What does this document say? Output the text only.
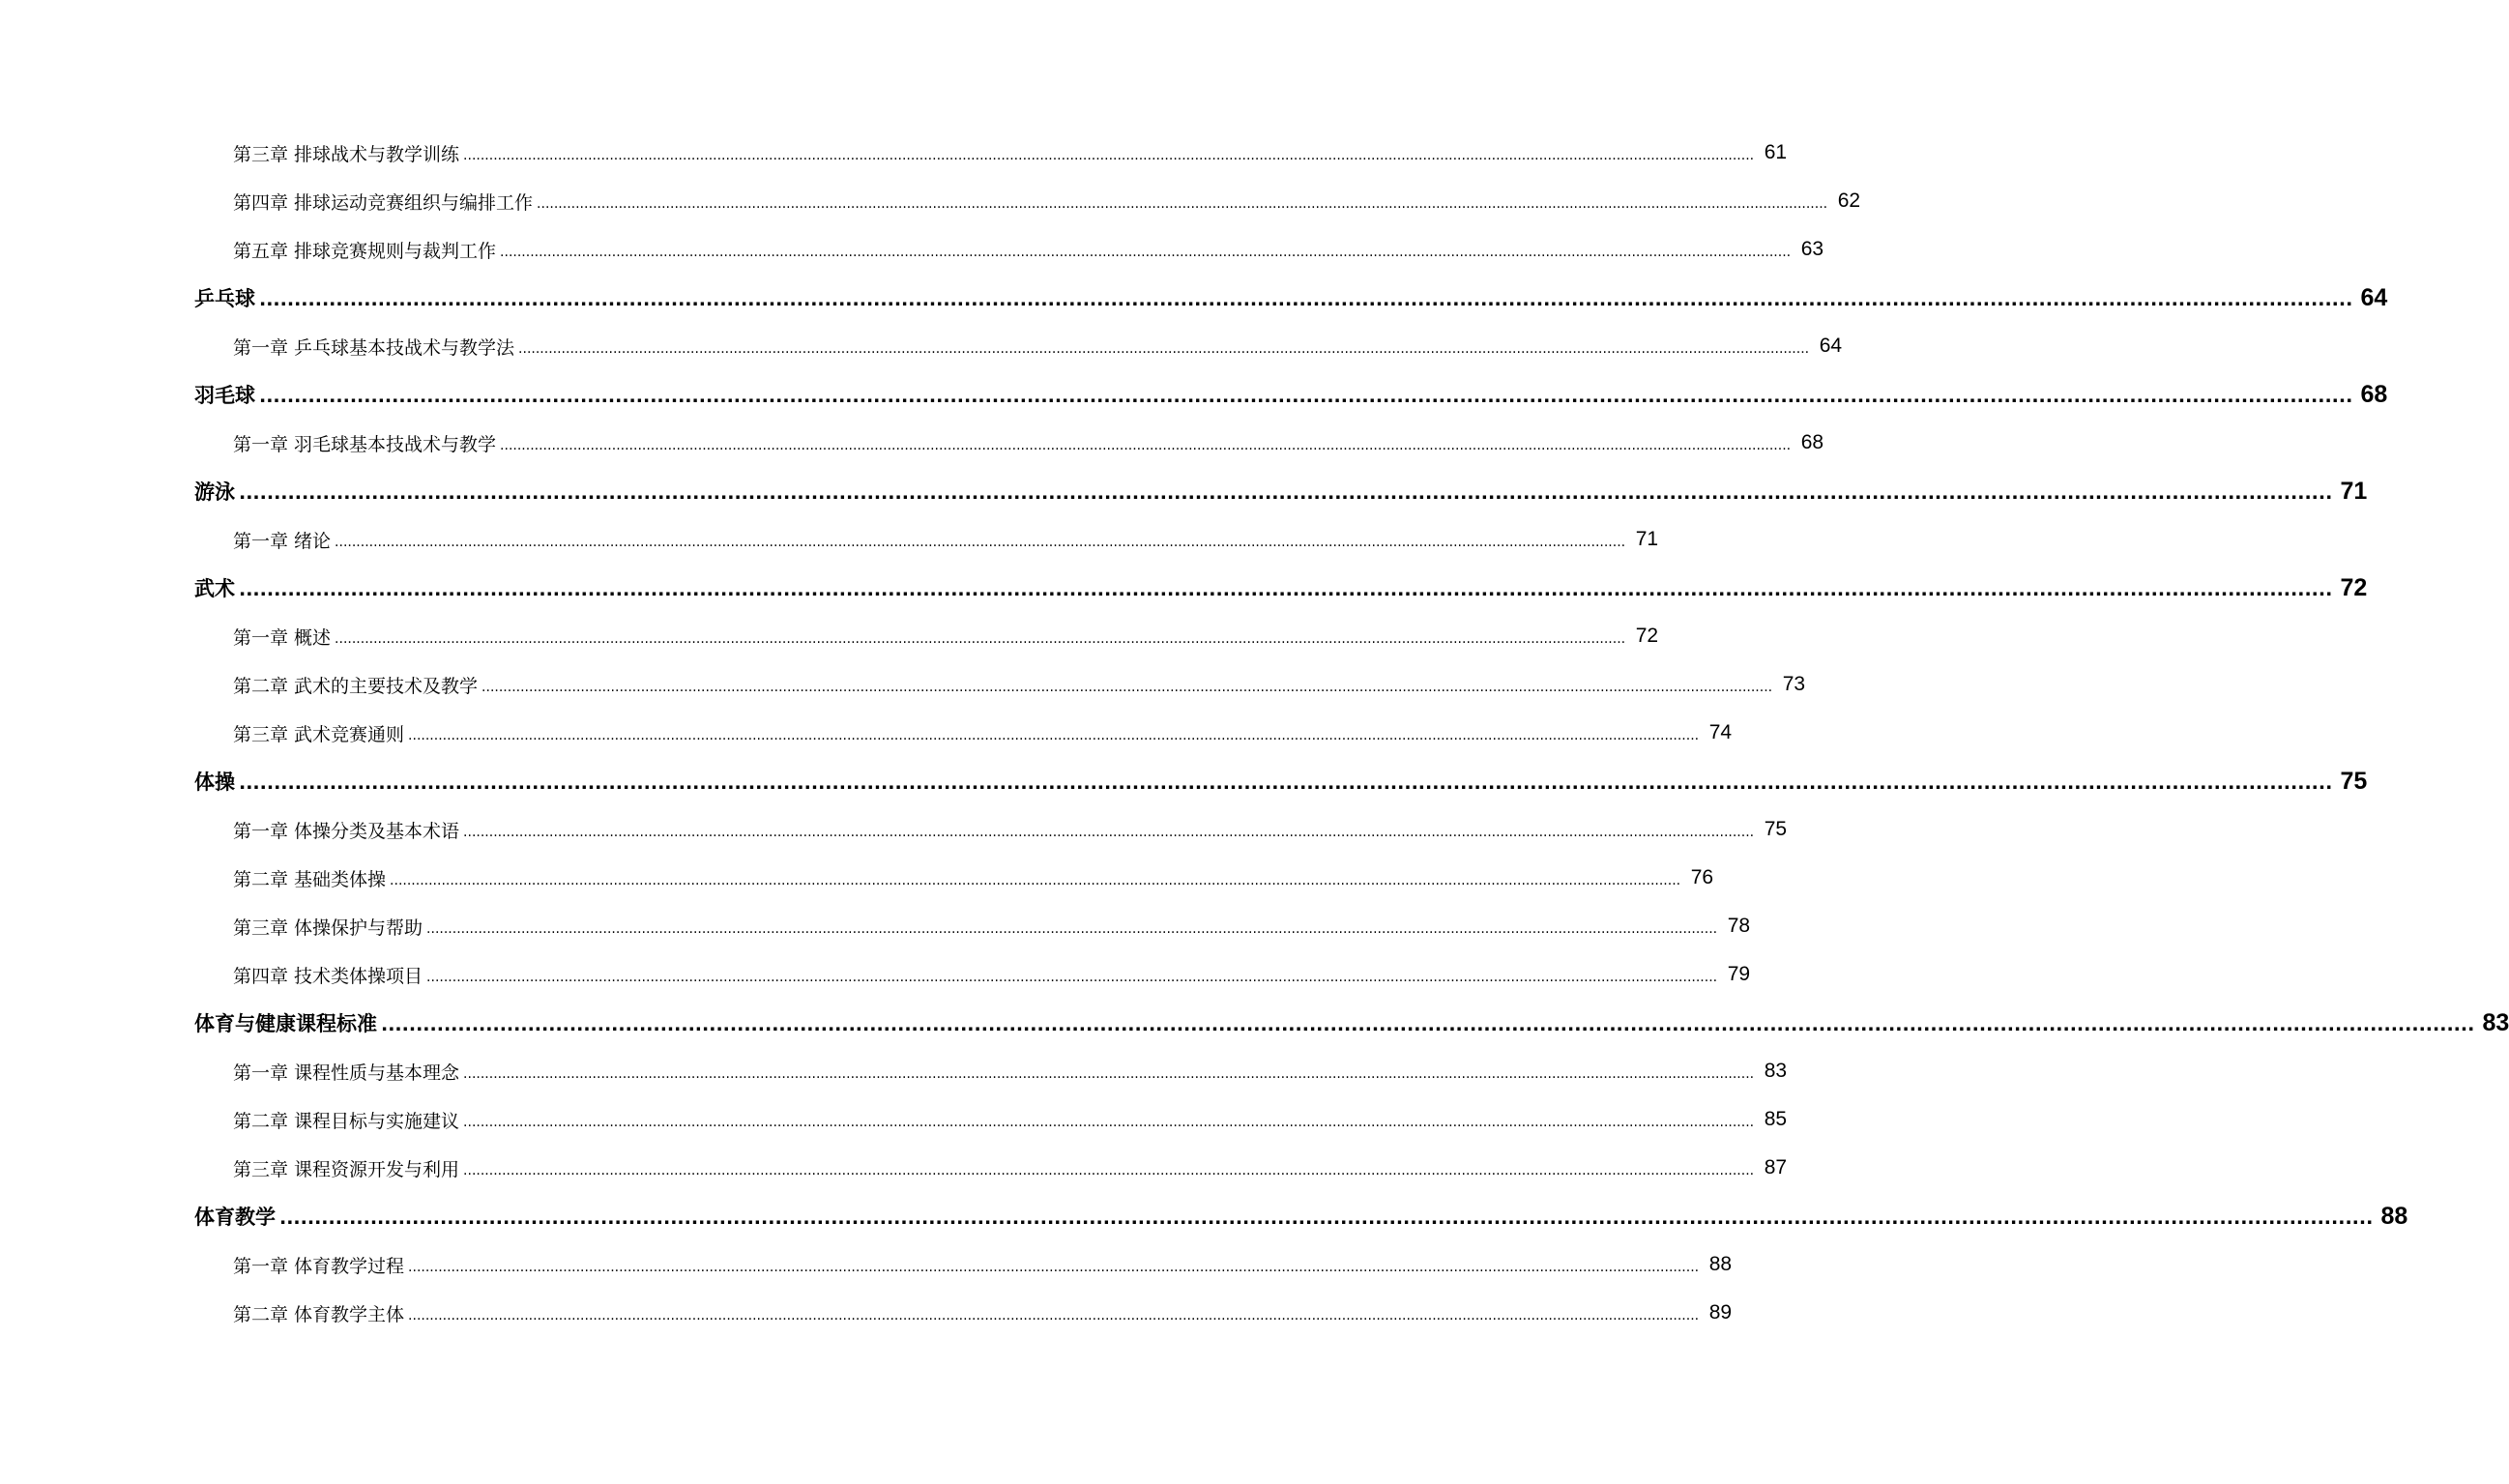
第三章 排球战术与教学训练 ............................................................................................................................................................................................................................................................................................................ 61
第四章 排球运动竞赛组织与编排工作 ............................................................................................................................................................................................................................................................................................................ 62
第五章 排球竞赛规则与裁判工作 ............................................................................................................................................................................................................................................................................................................ 63
乒乓球 ............................................................................................................................................................................................................................................................................................................ 64
第一章 乒乓球基本技战术与教学法 ............................................................................................................................................................................................................................................................................................................ 64
羽毛球 ............................................................................................................................................................................................................................................................................................................ 68
第一章 羽毛球基本技战术与教学 ............................................................................................................................................................................................................................................................................................................ 68
游泳 ............................................................................................................................................................................................................................................................................................................ 71
第一章 绪论 ............................................................................................................................................................................................................................................................................................................ 71
武术 ............................................................................................................................................................................................................................................................................................................ 72
第一章 概述 ............................................................................................................................................................................................................................................................................................................ 72
第二章 武术的主要技术及教学 ............................................................................................................................................................................................................................................................................................................ 73
第三章 武术竞赛通则 ............................................................................................................................................................................................................................................................................................................ 74
体操 ............................................................................................................................................................................................................................................................................................................ 75
第一章 体操分类及基本术语 ............................................................................................................................................................................................................................................................................................................ 75
第二章 基础类体操 ............................................................................................................................................................................................................................................................................................................ 76
第三章 体操保护与帮助 ............................................................................................................................................................................................................................................................................................................ 78
第四章 技术类体操项目 ............................................................................................................................................................................................................................................................................................................ 79
体育与健康课程标准 ............................................................................................................................................................................................................................................................................................................ 83
第一章 课程性质与基本理念 ............................................................................................................................................................................................................................................................................................................ 83
第二章 课程目标与实施建议 ............................................................................................................................................................................................................................................................................................................ 85
第三章 课程资源开发与利用 ............................................................................................................................................................................................................................................................................................................ 87
体育教学 ............................................................................................................................................................................................................................................................................................................ 88
第一章 体育教学过程 ............................................................................................................................................................................................................................................................................................................ 88
第二章 体育教学主体 ............................................................................................................................................................................................................................................................................................................ 89
